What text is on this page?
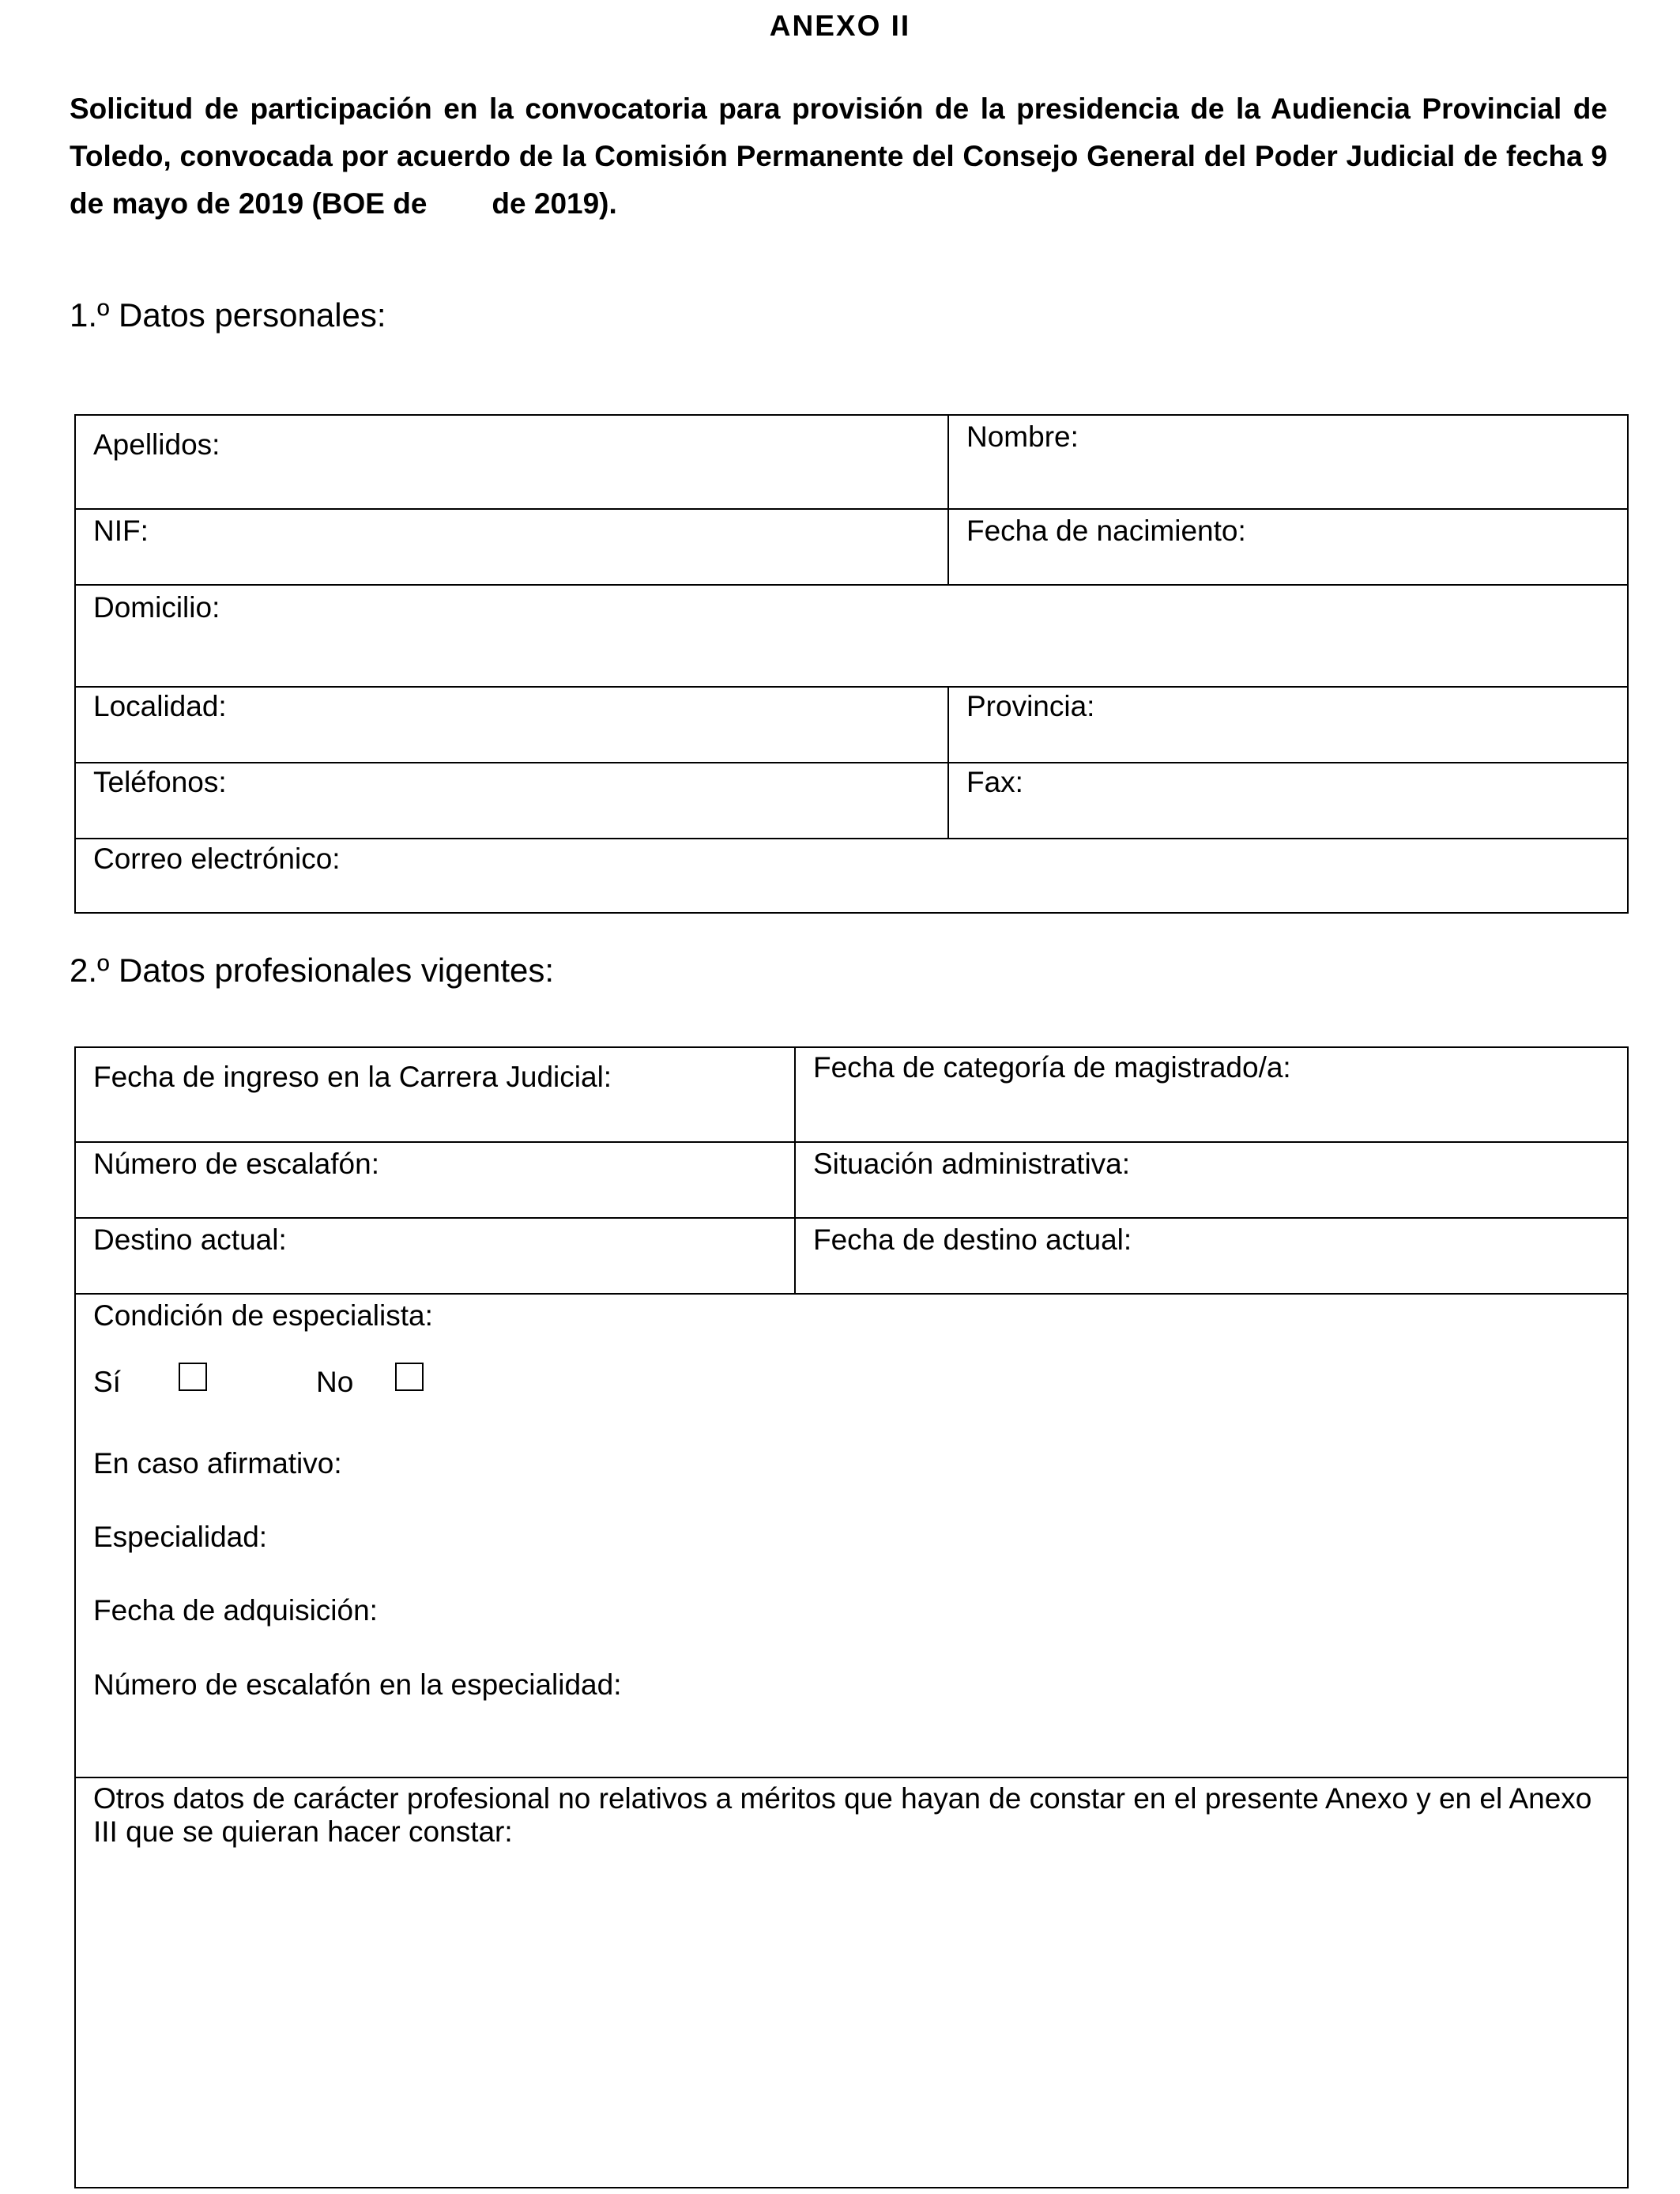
ANEXO II
Solicitud de participación en la convocatoria para provisión de la presidencia de la Audiencia Provincial de Toledo, convocada por acuerdo de la Comisión Permanente del Consejo General del Poder Judicial de fecha 9 de mayo de 2019 (BOE de de 2019).
1.º Datos personales:
Apellidos:	Nombre:
NIF:	Fecha de nacimiento:
Domicilio:
Localidad:	Provincia:
Teléfonos:	Fax:
Correo electrónico:
2.º Datos profesionales vigentes:
Fecha de ingreso en la Carrera Judicial:	Fecha de categoría de magistrado/a:
Número de escalafón:	Situación administrativa:
Destino actual:	Fecha de destino actual:
Condición de especialista:
Sí	No
En caso afirmativo:
Especialidad:
Fecha de adquisición:
Número de escalafón en la especialidad:
Otros datos de carácter profesional no relativos a méritos que hayan de constar en el presente Anexo y en el Anexo III que se quieran hacer constar:
